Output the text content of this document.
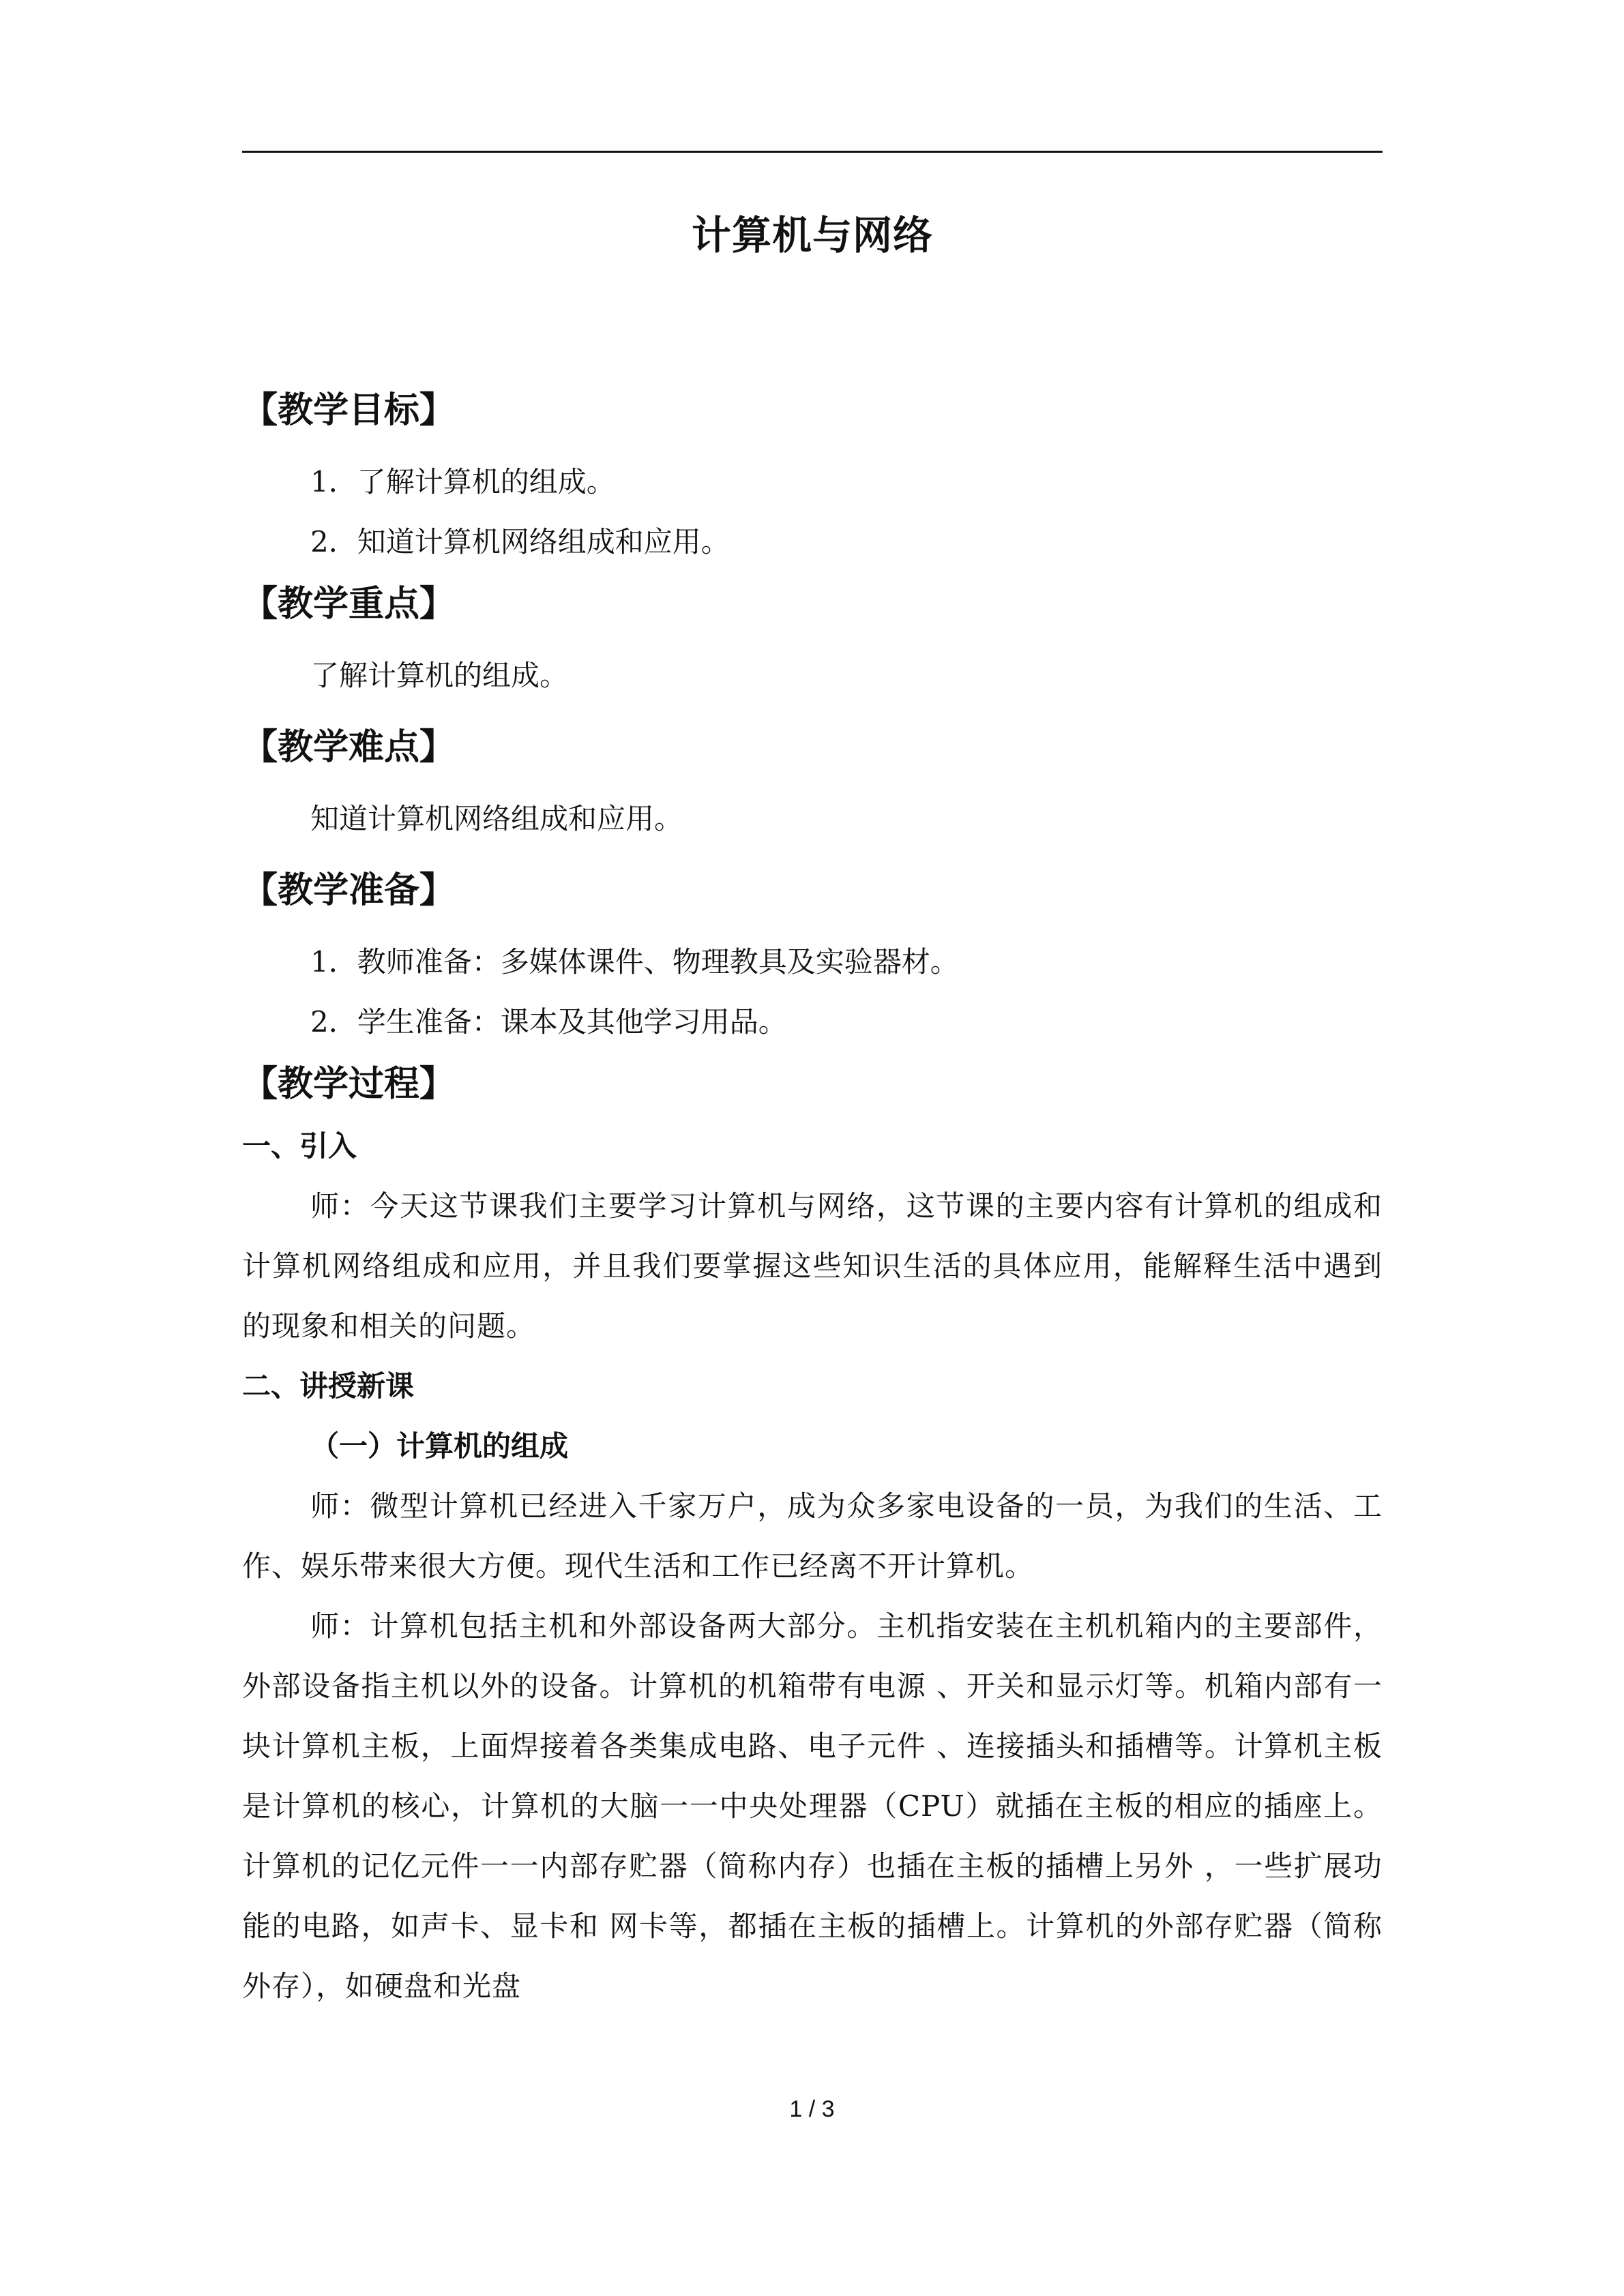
计算机与网络
【教学目标】
1．了解计算机的组成。
2．知道计算机网络组成和应用。
【教学重点】
了解计算机的组成。
【教学难点】
知道计算机网络组成和应用。
【教学准备】
1．教师准备：多媒体课件、物理教具及实验器材。
2．学生准备：课本及其他学习用品。
【教学过程】
一、引入

师：今天这节课我们主要学习计算机与网络，这节课的主要内容有计算机的组成和计算机网络组成和应用，并且我们要掌握这些知识生活的具体应用，能解释生活中遇到的现象和相关的问题。

二、讲授新课
（一）计算机的组成

师：微型计算机已经进入千家万户，成为众多家电设备的一员，为我们的生活、工作、娱乐带来很大方便。现代生活和工作已经离不开计算机。

师：计算机包括主机和外部设备两大部分。主机指安装在主机机箱内的主要部件，外部设备指主机以外的设备。计算机的机箱带有电源 、开关和显示灯等。机箱内部有一块计算机主板，上面焊接着各类集成电路、电子元件 、连接插头和插槽等。计算机主板是计算机的核心，计算机的大脑一一中央处理器（CPU）就插在主板的相应的插座上。计算机的记亿元件一一内部存贮器（简称内存）也插在主板的插槽上另外 ，一些扩展功能的电路，如声卡、显卡和 网卡等，都插在主板的插槽上。计算机的外部存贮器（简称外存），如硬盘和光盘

1 / 3
